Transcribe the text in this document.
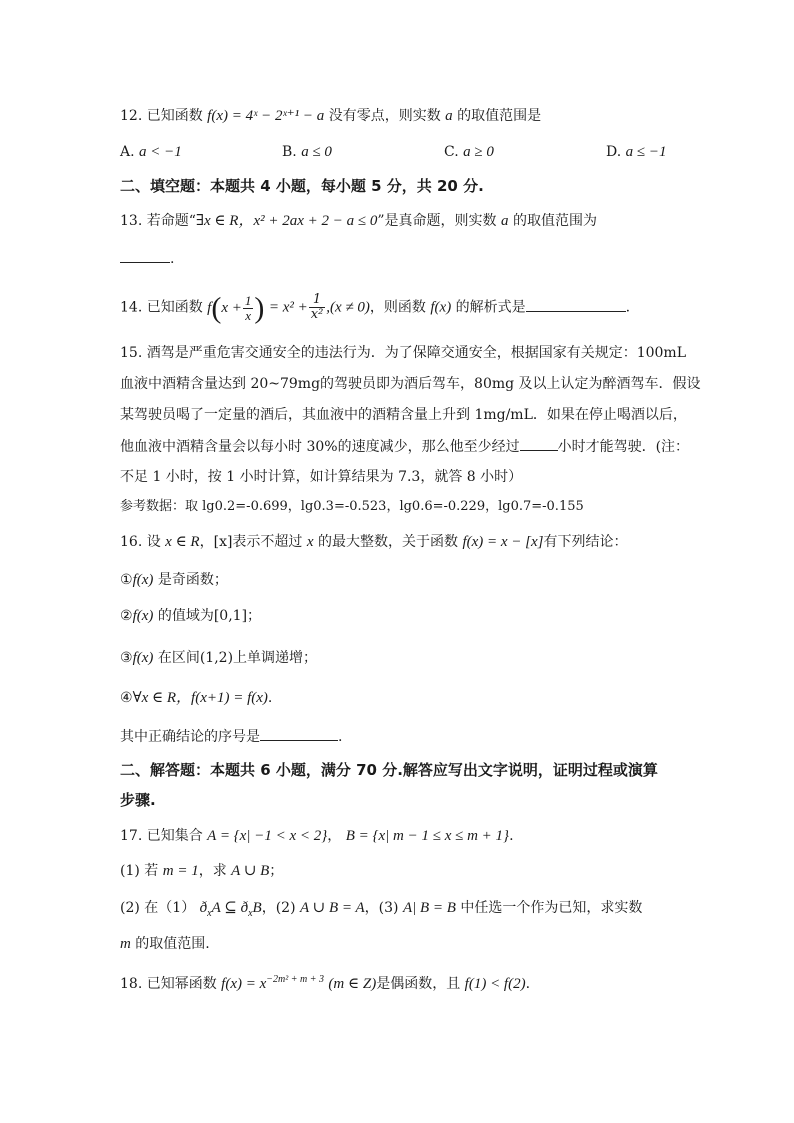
12. 已知函数 f(x) = 4ˣ − 2ˣ⁺¹ − a 没有零点，则实数 a 的取值范围是
A. a < −1	B. a ≤ 0	C. a ≥ 0	D. a ≤ −1
二、填空题：本题共 4 小题，每小题 5 分，共 20 分.
13. 若命题“∃x ∈ R，x² + 2ax + 2 − a ≤ 0”是真命题，则实数 a 的取值范围为
.
14. 已知函数 $f(x + \frac{1}{x}$ ) = $x^2 + \frac{1}{\text{x²}} ,(x \ne 0)$，则函数 f(x) 的解析式是	.
15. 酒驾是严重危害交通安全的违法行为．为了保障交通安全，根据国家有关规定：100mL
血液中酒精含量达到 20~79mg的驾驶员即为酒后驾车，80mg 及以上认定为醉酒驾车．假设
某驾驶员喝了一定量的酒后，其血液中的酒精含量上升到 1mg/mL．如果在停止喝酒以后，
他血液中酒精含量会以每小时 30%的速度减少，那么他至少经过	小时才能驾驶．(注：
不足 1 小时，按 1 小时计算，如计算结果为 7.3，就答 8 小时）
参考数据：取 lg0.2=-0.699，lg0.3=-0.523，lg0.6=-0.229，lg0.7=-0.155
16. 设 x ∈ R，[x]表示不超过 x 的最大整数，关于函数 f(x) = x − [x]有下列结论：
①f(x) 是奇函数；
②f(x) 的值域为[0,1]；
③f(x) 在区间(1,2)上单调递增；
④∀x ∈ R，f(x+1) = f(x).
其中正确结论的序号是	.
二、解答题：本题共 6 小题，满分 70 分.解答应写出文字说明，证明过程或演算
步骤.
17. 已知集合 A = {x| −1 < x < 2}， B = {x| m − 1 ≤ x ≤ m + 1}.
(1) 若 m = 1，求 A ∪ B；
(2) 在（1） $ð_xA$ ⊆ $ð_xB$，(2) A ∪ B = A，(3) A| B = B 中任选一个作为已知，求实数
m 的取值范围.
18. 已知幂函数 $f(x) = x^{-2m^2 + m + 3}$ (m ∈ Z)是偶函数，且 f(1) < f(2).
